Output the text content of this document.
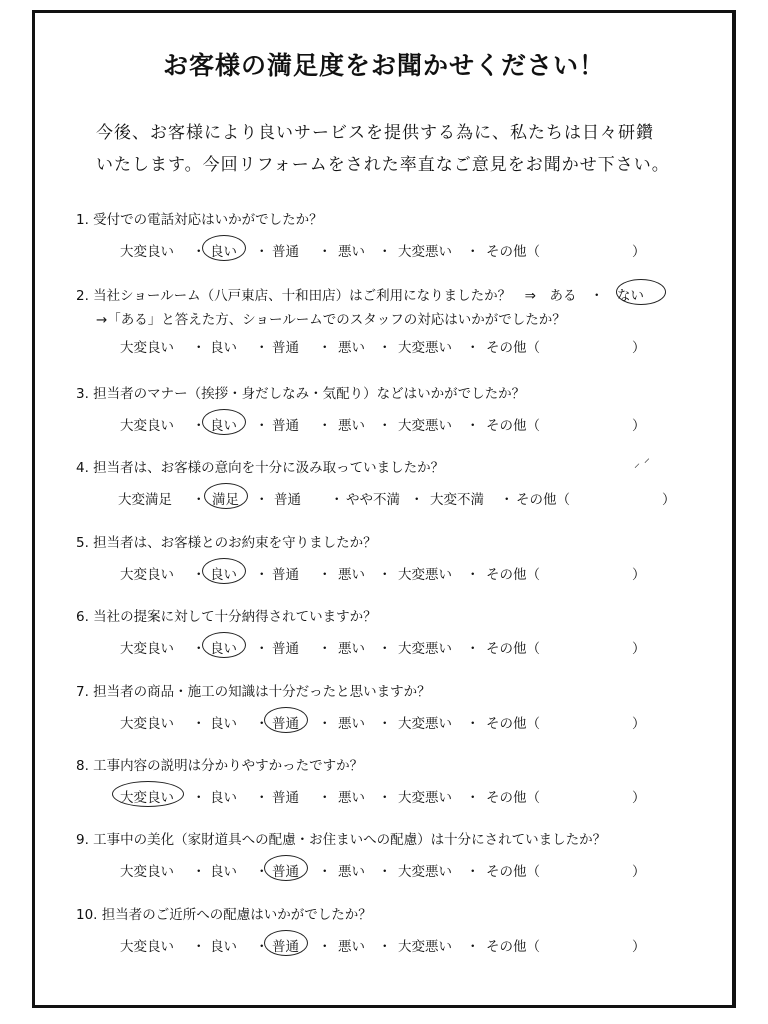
お客様の満足度をお聞かせください！
今後、お客様により良いサービスを提供する為に、私たちは日々研鑽
いたします。今回リフォームをされた率直なご意見をお聞かせ下さい。
1. 受付での電話対応はいかがでしたか？
大変良い ・ 良い ・ 普通 ・ 悪い ・ 大変悪い ・ その他（	）
2. 当社ショールーム（八戸東店、十和田店）はご利用になりましたか？　⇒　ある　・　ない
→「ある」と答えた方、ショールームでのスタッフの対応はいかがでしたか？
大変良い ・ 良い ・ 普通 ・ 悪い ・ 大変悪い ・ その他（	）
3. 担当者のマナー（挨拶・身だしなみ・気配り）などはいかがでしたか？
大変良い ・ 良い ・ 普通 ・ 悪い ・ 大変悪い ・ その他（	）
4. 担当者は、お客様の意向を十分に汲み取っていましたか？
大変満足 ・ 満足 ・ 普通 ・ やや不満 ・ 大変不満 ・ その他（	）
5. 担当者は、お客様とのお約束を守りましたか？
大変良い ・ 良い ・ 普通 ・ 悪い ・ 大変悪い ・ その他（	）
6. 当社の提案に対して十分納得されていますか？
大変良い ・ 良い ・ 普通 ・ 悪い ・ 大変悪い ・ その他（	）
7. 担当者の商品・施工の知識は十分だったと思いますか？
大変良い ・ 良い ・ 普通 ・ 悪い ・ 大変悪い ・ その他（	）
8. 工事内容の説明は分かりやすかったですか？
大変良い ・ 良い ・ 普通 ・ 悪い ・ 大変悪い ・ その他（	）
9. 工事中の美化（家財道具への配慮・お住まいへの配慮）は十分にされていましたか？
大変良い ・ 良い ・ 普通 ・ 悪い ・ 大変悪い ・ その他（	）
10. 担当者のご近所への配慮はいかがでしたか？
大変良い ・ 良い ・ 普通 ・ 悪い ・ 大変悪い ・ その他（	）
⸝ ⸍
